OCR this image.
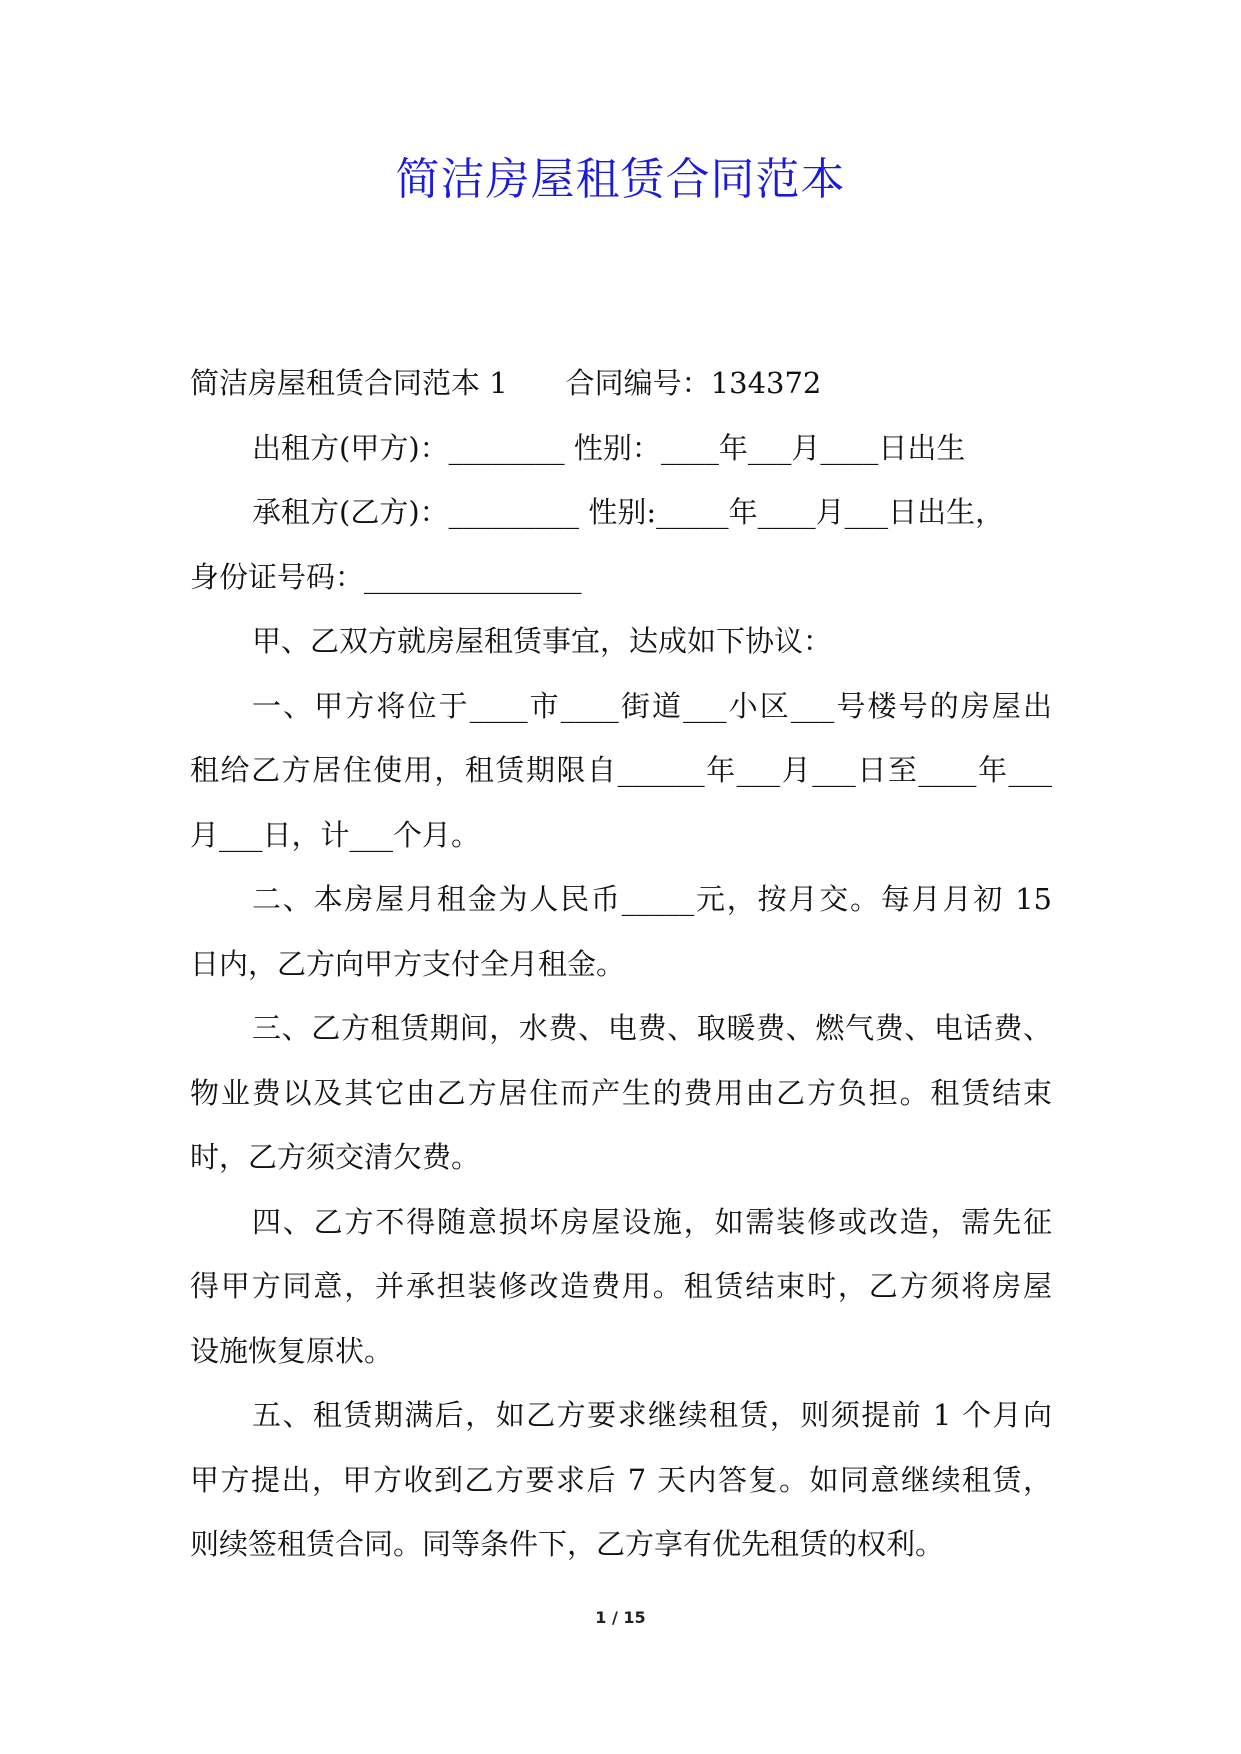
简洁房屋租赁合同范本
简洁房屋租赁合同范本 1　　合同编号：134372
出租方(甲方)：________ 性别：____年___月____日出生
承租方(乙方)：_________ 性别:_____年____月___日出生，
身份证号码：_______________
甲、乙双方就房屋租赁事宜，达成如下协议：
一、甲方将位于____市____街道___小区___号楼号的房屋出
租给乙方居住使用，租赁期限自______年___月___日至____年___
月___日，计___个月。
二、本房屋月租金为人民币_____元，按月交。每月月初 15
日内，乙方向甲方支付全月租金。
三、乙方租赁期间，水费、电费、取暖费、燃气费、电话费、
物业费以及其它由乙方居住而产生的费用由乙方负担。租赁结束
时，乙方须交清欠费。
四、乙方不得随意损坏房屋设施，如需装修或改造，需先征
得甲方同意，并承担装修改造费用。租赁结束时，乙方须将房屋
设施恢复原状。
五、租赁期满后，如乙方要求继续租赁，则须提前 1 个月向
甲方提出，甲方收到乙方要求后 7 天内答复。如同意继续租赁，
则续签租赁合同。同等条件下，乙方享有优先租赁的权利。
1 / 15
